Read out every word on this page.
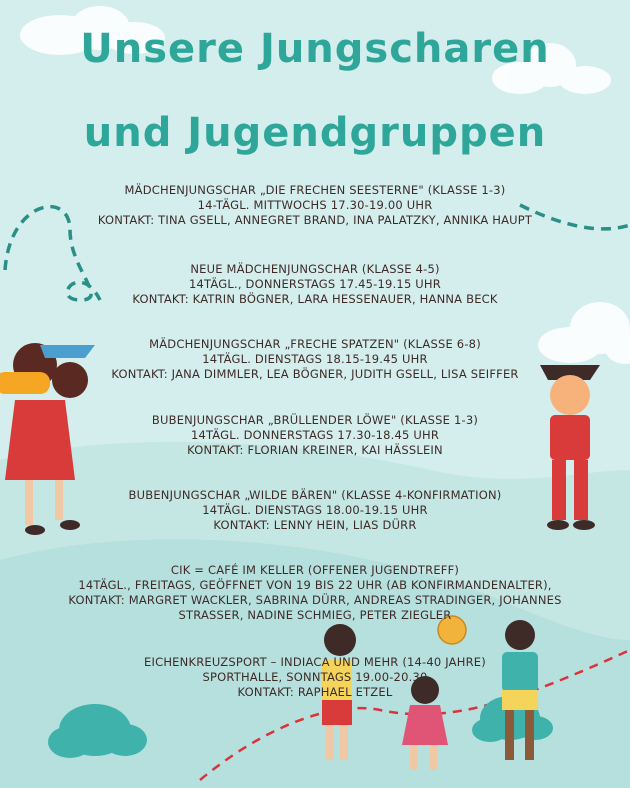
Unsere Jungscharen
und Jugendgruppen
MÄDCHENJUNGSCHAR „DIE FRECHEN SEESTERNE" (KLASSE 1-3)
14-TÄGL. MITTWOCHS 17.30-19.00 UHR
KONTAKT: TINA GSELL, ANNEGRET BRAND, INA PALATZKY, ANNIKA HAUPT
NEUE MÄDCHENJUNGSCHAR (KLASSE 4-5)
14TÄGL., DONNERSTAGS 17.45-19.15 UHR
KONTAKT: KATRIN BÖGNER, LARA HESSENAUER, HANNA BECK
MÄDCHENJUNGSCHAR „FRECHE SPATZEN" (KLASSE 6-8)
14TÄGL. DIENSTAGS 18.15-19.45 UHR
KONTAKT: JANA DIMMLER, LEA BÖGNER, JUDITH GSELL, LISA SEIFFER
BUBENJUNGSCHAR „BRÜLLENDER LÖWE" (KLASSE 1-3)
14TÄGL. DONNERSTAGS 17.30-18.45 UHR
KONTAKT: FLORIAN KREINER, KAI HÄSSLEIN
BUBENJUNGSCHAR „WILDE BÄREN" (KLASSE 4-KONFIRMATION)
14TÄGL. DIENSTAGS 18.00-19.15 UHR
KONTAKT: LENNY HEIN, LIAS DÜRR
CIK = CAFÉ IM KELLER (OFFENER JUGENDTREFF)
14TÄGL., FREITAGS, GEÖFFNET VON 19 BIS 22 UHR (AB KONFIRMANDENALTER),
KONTAKT: MARGRET WACKLER, SABRINA DÜRR, ANDREAS STRADINGER, JOHANNES STRASSER, NADINE SCHMIEG, PETER ZIEGLER
EICHENKREUZSPORT – INDIACA UND MEHR (14-40 JAHRE)
SPORTHALLE, SONNTAGS 19.00-20.30
KONTAKT: RAPHAEL ETZEL
